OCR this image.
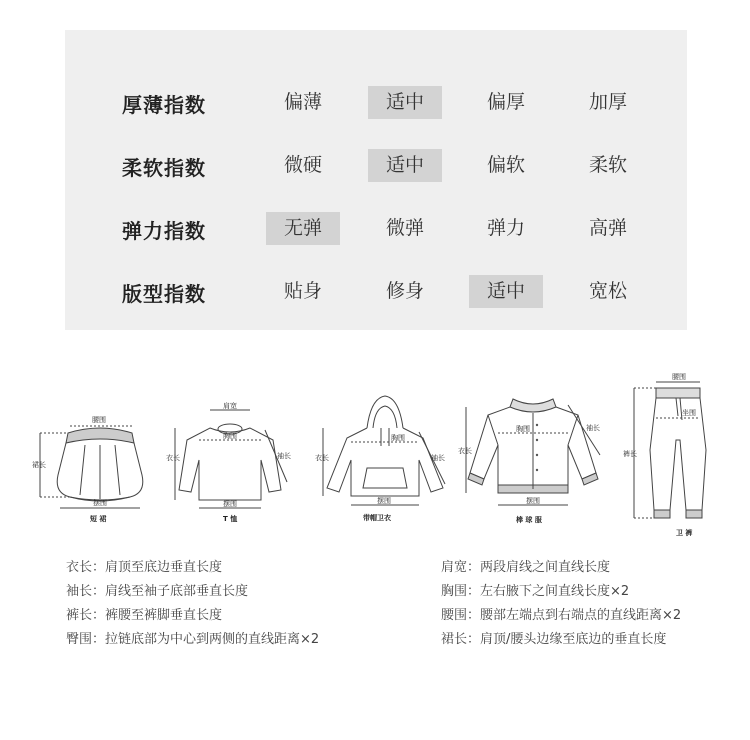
厚薄指数	偏薄	适中	偏厚	加厚
柔软指数	微硬	适中	偏软	柔软
弹力指数	无弹	微弹	弹力	高弹
版型指数	贴身	修身	适中	宽松
腰围
裙长
摆围
短 裙
肩宽
胸围
衣长	袖长
摆围
T 恤
胸围
衣长	袖长
摆围
带帽卫衣
胸围
衣长
袖长
摆围
棒 球 服
腰围
坐围
裤长
卫 裤
衣长：肩顶至底边垂直长度
袖长：肩线至袖子底部垂直长度
裤长：裤腰至裤脚垂直长度
臀围：拉链底部为中心到两侧的直线距离×2
肩宽：两段肩线之间直线长度
胸围：左右腋下之间直线长度×2
腰围：腰部左端点到右端点的直线距离×2
裙长：肩顶/腰头边缘至底边的垂直长度
